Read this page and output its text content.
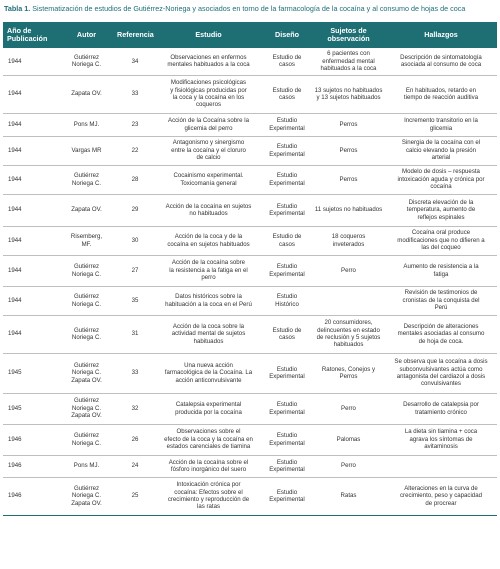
Tabla 1. Sistematización de estudios de Gutiérrez-Noriega y asociados en torno de la farmacología de la cocaína y al consumo de hojas de coca
Año de
Publicación	Autor	Referencia	Estudio	Diseño	Sujetos de
observación	Hallazgos
1944	Gutiérrez
Noriega C.	34	Observaciones en enfermos
mentales habituados a la coca	Estudio de
casos	6 pacientes con
enfermedad mental
habituados a la coca	Descripción de sintomatología
asociada al consumo de coca

1944	Zapata OV.	33	Modificaciones psicológicas
y fisiológicas producidas por
la coca y la cocaína en los
coqueros	Estudio de
casos	13 sujetos no habituados
y 13 sujetos habituados	En habituados, retardo en
tiempo de reacción auditiva

1944	Pons MJ.	23	Acción de la Cocaína sobre la
glicemia del perro	Estudio
Experimental	Perros	Incremento transitorio en la
glicemia

1944	Vargas MR	22	Antagonismo y sinergismo
entre la cocaína y el cloruro
de calcio	Estudio
Experimental	Perros	Sinergia de la cocaína con el
calcio elevando la presión
arterial

1944	Gutiérrez
Noriega C.	28	Cocainismo experimental.
Toxicomanía general	Estudio
Experimental	Perros	Modelo de dosis – respuesta
intoxicación aguda y crónica por
cocaína

1944	Zapata OV.	29	Acción de la cocaína en sujetos
no habituados	Estudio
Experimental	11 sujetos no habituados	Discreta elevación de la
temperatura, aumento de
reflejos espinales

1944	Risemberg,
MF.	30	Acción de la coca y de la
cocaína en sujetos habituados	Estudio de
casos	18 coqueros
inveterados	Cocaína oral produce
modificaciones que no difieren a
las del coqueo

1944	Gutiérrez
Noriega C.	27	Acción de la cocaína sobre
la resistencia a la fatiga en el
perro	Estudio
Experimental	Perro	Aumento de resistencia a la
fatiga

1944	Gutiérrez
Noriega C.	35	Datos históricos sobre la
habituación a la coca en el Perú	Estudio
Histórico		Revisión de testimonios de
cronistas de la conquista del
Perú

1944	Gutiérrez
Noriega C.	31	Acción de la coca sobre la
actividad mental de sujetos
habituados	Estudio de
casos	20 consumidores,
delincuentes en estado
de reclusión y 5 sujetos
habituados	Descripción de alteraciones
mentales asociadas al consumo
de hoja de coca.

1945	Gutiérrez
Noriega C.
Zapata OV.	33	Una nueva acción
farmacológica de la Cocaína. La
acción anticonvulsivante	Estudio
Experimental	Ratones, Conejos y
Perros	Se observa que la cocaína a dosis
subconvulsivantes actúa como
antagonista del cardiazol a dosis
convulsivantes

1945	Gutiérrez
Noriega C.
Zapata OV.	32	Catalepsia experimental
producida por la cocaína	Estudio
Experimental	Perro	Desarrollo de catalepsia por
tratamiento crónico

1946	Gutiérrez
Noriega C.	26	Observaciones sobre el
efecto de la coca y la cocaína en
estados carenciales de tiamina	Estudio
Experimental	Palomas	La dieta sin tiamina + coca
agrava los síntomas de
avitaminosis

1946	Pons MJ.	24	Acción de la cocaína sobre el
fósforo inorgánico del suero	Estudio
Experimental	Perro	

1946	Gutiérrez
Noriega C.
Zapata OV.	25	Intoxicación crónica por
cocaína: Efectos sobre el
crecimiento y reproducción de
las ratas	Estudio
Experimental	Ratas	Alteraciones en la curva de
crecimiento, peso y capacidad
de procrear
